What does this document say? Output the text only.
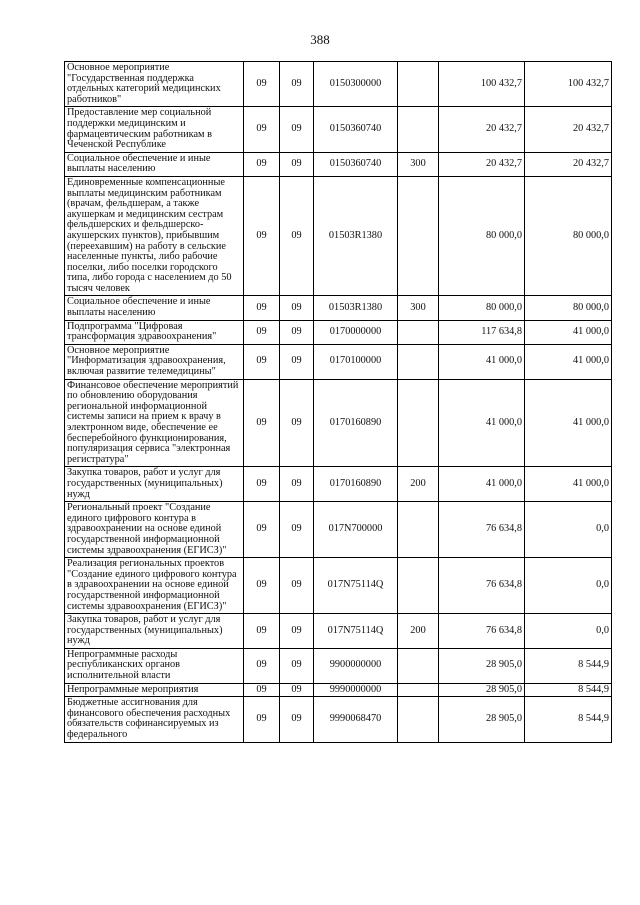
388
Основное мероприятие "Государственная поддержка отдельных категорий медицинских работников"	09	09	0150300000		100 432,7	100 432,7
Предоставление мер социальной поддержки медицинским и фармацевтическим работникам в Чеченской Республике	09	09	0150360740		20 432,7	20 432,7
Социальное обеспечение и иные выплаты населению	09	09	0150360740	300	20 432,7	20 432,7
Единовременные компенсационные выплаты медицинским работникам (врачам, фельдшерам, а также акушеркам и медицинским сестрам фельдшерских и фельдшерско-акушерских пунктов), прибывшим (переехавшим) на работу в сельские населенные пункты, либо рабочие поселки, либо поселки городского типа, либо города с населением до 50 тысяч человек	09	09	01503R1380		80 000,0	80 000,0
Социальное обеспечение и иные выплаты населению	09	09	01503R1380	300	80 000,0	80 000,0
Подпрограмма "Цифровая трансформация здравоохранения"	09	09	0170000000		117 634,8	41 000,0
Основное мероприятие "Информатизация здравоохранения, включая развитие телемедицины"	09	09	0170100000		41 000,0	41 000,0
Финансовое обеспечение мероприятий по обновлению оборудования региональной информационной системы записи на прием к врачу в электронном виде, обеспечение ее бесперебойного функционирования, популяризация сервиса "электронная регистратура"	09	09	0170160890		41 000,0	41 000,0
Закупка товаров, работ и услуг для государственных (муниципальных) нужд	09	09	0170160890	200	41 000,0	41 000,0
Региональный проект "Создание единого цифрового контура в здравоохранении на основе единой государственной информационной системы здравоохранения (ЕГИСЗ)"	09	09	017N700000		76 634,8	0,0
Реализация региональных проектов "Создание единого цифрового контура в здравоохранении на основе единой государственной информационной системы здравоохранения (ЕГИСЗ)"	09	09	017N75114Q		76 634,8	0,0
Закупка товаров, работ и услуг для государственных (муниципальных) нужд	09	09	017N75114Q	200	76 634,8	0,0
Непрограммные расходы республиканских органов исполнительной власти	09	09	9900000000		28 905,0	8 544,9
Непрограммные мероприятия	09	09	9990000000		28 905,0	8 544,9
Бюджетные ассигнования для финансового обеспечения расходных обязательств софинансируемых из федерального	09	09	9990068470		28 905,0	8 544,9
